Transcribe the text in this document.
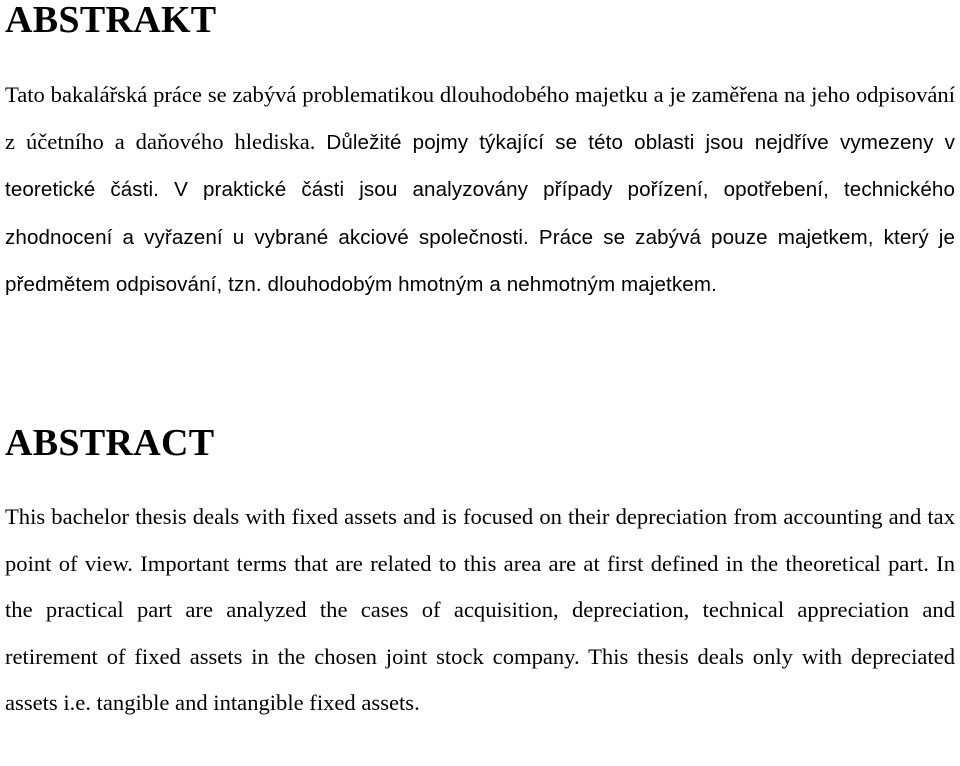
ABSTRAKT

Tato bakalářská práce se zabývá problematikou dlouhodobého majetku a je zaměřena na jeho odpisování z účetního a daňového hlediska. Důležité pojmy týkající se této oblasti jsou nejdříve vymezeny v teoretické části. V praktické části jsou analyzovány případy pořízení, opotřebení, technického zhodnocení a vyřazení u vybrané akciové společnosti. Práce se zabývá pouze majetkem, který je předmětem odpisování, tzn. dlouhodobým hmotným a nehmotným majetkem.

ABSTRACT

This bachelor thesis deals with fixed assets and is focused on their depreciation from accounting and tax point of view. Important terms that are related to this area are at first defined in the theoretical part. In the practical part are analyzed the cases of acquisition, depreciation, technical appreciation and retirement of fixed assets in the chosen joint stock company. This thesis deals only with depreciated assets i.e. tangible and intangible fixed assets.
